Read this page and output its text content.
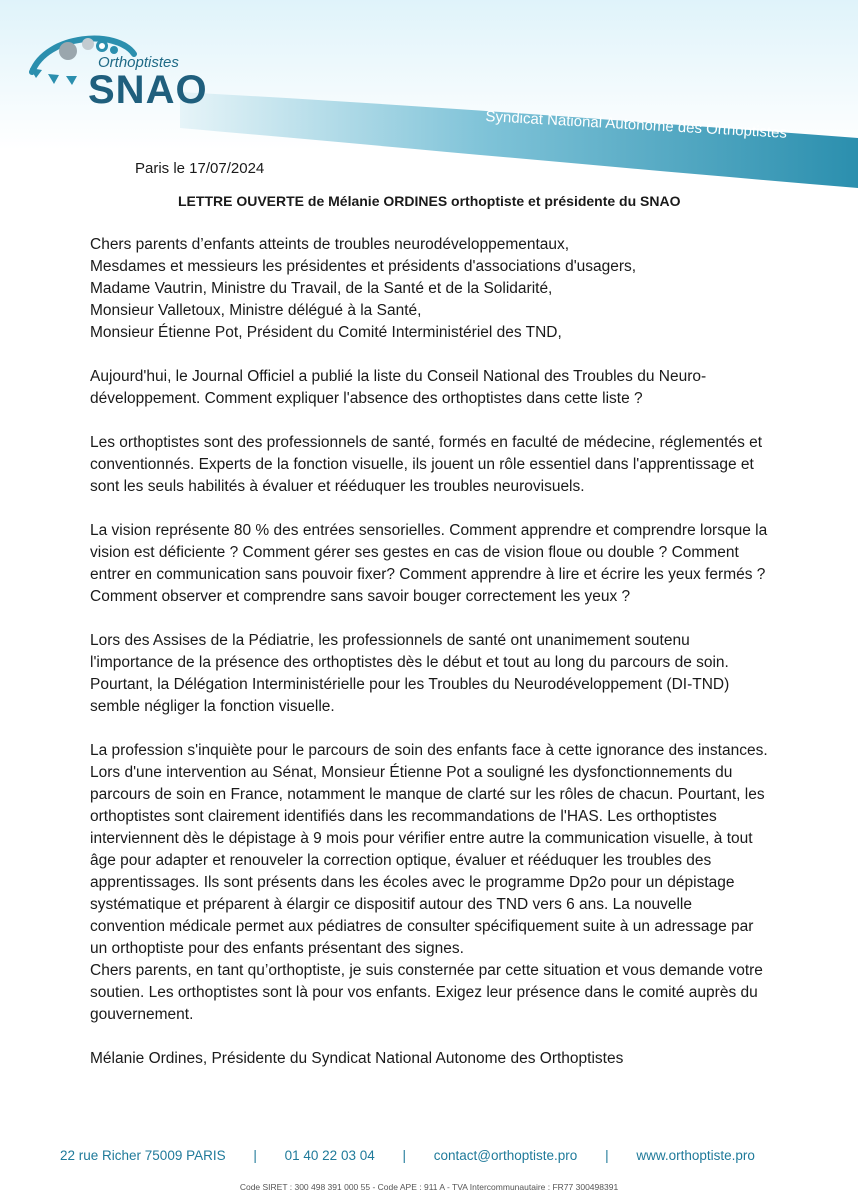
Orthoptistes
SNAO
Syndicat National Autonome des Orthoptistes
Paris le 17/07/2024
LETTRE OUVERTE de Mélanie ORDINES orthoptiste et présidente du SNAO

Chers parents d’enfants atteints de troubles neurodéveloppementaux,

Mesdames et messieurs les présidentes et présidents d'associations d'usagers,

Madame Vautrin, Ministre du Travail, de la Santé et de la Solidarité,

Monsieur Valletoux, Ministre délégué à la Santé,

Monsieur Étienne Pot, Président du Comité Interministériel des TND,

Aujourd'hui, le Journal Officiel a publié la liste du Conseil National des Troubles du Neuro-développement. Comment expliquer l'absence des orthoptistes dans cette liste ?

Les orthoptistes sont des professionnels de santé, formés en faculté de médecine, réglementés et conventionnés. Experts de la fonction visuelle, ils jouent un rôle essentiel dans l'apprentissage et sont les seuls habilités à évaluer et rééduquer les troubles neurovisuels.

La vision représente 80 % des entrées sensorielles. Comment apprendre et comprendre lorsque la vision est déficiente ? Comment gérer ses gestes en cas de vision floue ou double ? Comment entrer en communication sans pouvoir fixer? Comment apprendre à lire et écrire les yeux fermés ? Comment observer et comprendre sans savoir bouger correctement les yeux ?

Lors des Assises de la Pédiatrie, les professionnels de santé ont unanimement soutenu l'importance de la présence des orthoptistes dès le début et tout au long du parcours de soin. Pourtant, la Délégation Interministérielle pour les Troubles du Neurodéveloppement (DI-TND) semble négliger la fonction visuelle.

La profession s'inquiète pour le parcours de soin des enfants face à cette ignorance des instances. Lors d'une intervention au Sénat, Monsieur Étienne Pot a souligné les dysfonctionnements du parcours de soin en France, notamment le manque de clarté sur les rôles de chacun. Pourtant, les orthoptistes sont clairement identifiés dans les recommandations de l'HAS. Les orthoptistes interviennent dès le dépistage à 9 mois pour vérifier entre autre la communication visuelle, à tout âge pour adapter et renouveler la correction optique, évaluer et rééduquer les troubles des apprentissages. Ils sont présents dans les écoles avec le programme Dp2o pour un dépistage systématique et préparent à élargir ce dispositif autour des TND vers 6 ans. La nouvelle convention médicale permet aux pédiatres de consulter spécifiquement suite à un adressage par un orthoptiste pour des enfants présentant des signes.

Chers parents, en tant qu’orthoptiste, je suis consternée par cette situation et vous demande votre soutien. Les orthoptistes sont là pour vos enfants. Exigez leur présence dans le comité auprès du gouvernement.

Mélanie Ordines, Présidente du Syndicat National Autonome des Orthoptistes

22 rue Richer 75009 PARIS | 01 40 22 03 04 | contact@orthoptiste.pro | www.orthoptiste.pro
Code SIRET : 300 498 391 000 55 - Code APE : 911 A - TVA Intercommunautaire : FR77 300498391
